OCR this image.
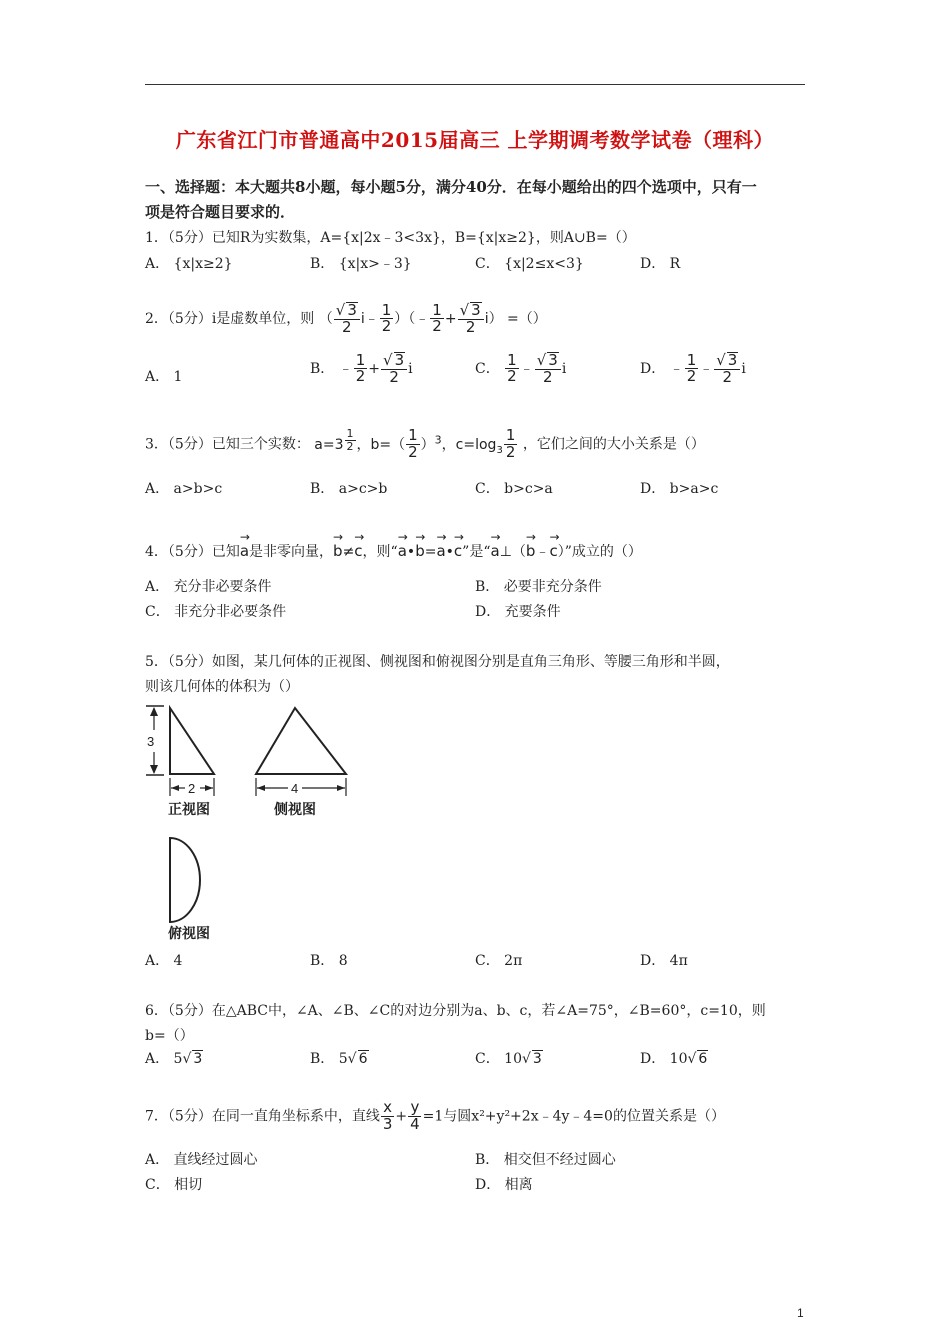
广东省江门市普通高中2015届高三 上学期调考数学试卷（理科）
一、选择题：本大题共8小题，每小题5分，满分40分．在每小题给出的四个选项中，只有一
项是符合题目要求的．
1．（5分）已知R为实数集，A={x|2x﹣3<3x}，B={x|x≥2}，则A∪B=（）
A． {x|x≥2}	B． {x|x>﹣3}	C． {x|2≤x<3}	D． R
2．（5分）i是虚数单位，则 （ $\frac{√ 3}{2}$ i﹣ $\frac{1}{2}$ ）（﹣ $\frac{1}{2} + \frac{√ 3}{2} i$） =（）
A． 1
B． ﹣ $\frac{1}{2} + \frac{√ 3}{2}$ i	C． $\frac{1}{2}$ ﹣ $\frac{√ 3}{2}$ i	D． ﹣ $\frac{1}{2}$ ﹣ $\frac{√ 3}{2}$ i
3．（5分）已知三个实数： a=3 $^{\frac{1}{2}}$ ，$b=( \frac{1}{2} )^3$，$c=\log_3 \frac{1}{2}$ ，它们之间的大小关系是（）
A． a>b>c	B． a>c>b	C． b>c>a	D． b>a>c
4．（5分）已知→ a是非零向量，→ b≠→ c，则“→ a•→ b=→ a•→ c”是“→ a⊥（→ b﹣→ c）”成立的（）
A． 充分非必要条件	B． 必要非充分条件
C． 非充分非必要条件	D． 充要条件
5．（5分）如图，某几何体的正视图、侧视图和俯视图分别是直角三角形、等腰三角形和半圆，
则该几何体的体积为（）
3
2
正视图
4
侧视图
俯视图
A． 4	B． 8	C． 2π	D． 4π
6．（5分）在△ABC中，∠A、∠B、∠C的对边分别为a、b、c，若∠A=75°，∠B=60°，c=10，则
b=（）
A． 5√ 3	B． 5√ 6	C． 10√ 3	D． 10√ 6
7．（5分）在同一直角坐标系中，直线 $\frac{x}{3} + \frac{y}{4} =1$与圆x²+y²+2x﹣4y﹣4=0的位置关系是（）
A． 直线经过圆心	B． 相交但不经过圆心
C． 相切	D． 相离
1
